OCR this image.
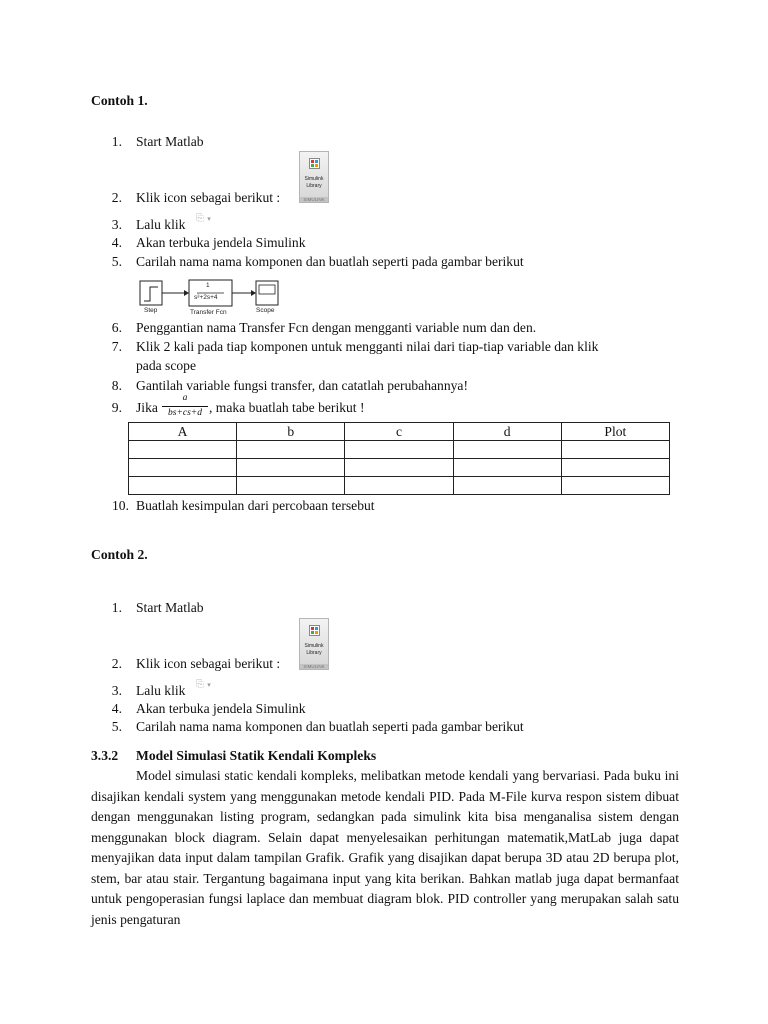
Contoh 1.
1. Start Matlab
Simulink
Library
SIMULINK
2. Klik icon sebagai berikut :
3. Lalu klik ⎘ ▾
4. Akan terbuka jendela Simulink
5. Carilah nama nama komponen dan buatlah seperti pada gambar berikut
1
s²+2s+4
Step	Transfer Fcn	Scope
6. Penggantian nama Transfer Fcn dengan mengganti variable num dan den.
7. Klik 2 kali pada tiap komponen untuk mengganti nilai dari tiap-tiap variable dan klik
pada scope
8. Gantilah variable fungsi transfer, dan catatlah perubahannya!
9. Jika
a
bs+cs+d , maka buatlah tabe berikut !
A	b	c	d	Plot

10. Buatlah kesimpulan dari percobaan tersebut
Contoh 2.
1. Start Matlab
Simulink
Library
SIMULINK
2. Klik icon sebagai berikut :
3. Lalu klik ⎘ ▾
4. Akan terbuka jendela Simulink
5. Carilah nama nama komponen dan buatlah seperti pada gambar berikut
3.3.2 Model Simulasi Statik Kendali Kompleks
Model simulasi static kendali kompleks, melibatkan metode kendali yang bervariasi. Pada buku ini disajikan kendali system yang menggunakan metode kendali PID. Pada M-File kurva respon sistem dibuat dengan menggunakan listing program, sedangkan pada simulink kita bisa menganalisa sistem dengan menggunakan block diagram. Selain dapat menyelesaikan perhitungan matematik,MatLab juga dapat menyajikan data input dalam tampilan Grafik. Grafik yang disajikan dapat berupa 3D atau 2D berupa plot, stem, bar atau stair. Tergantung bagaimana input yang kita berikan. Bahkan matlab juga dapat bermanfaat untuk pengoperasian fungsi laplace dan membuat diagram blok. PID controller yang merupakan salah satu jenis pengaturan
